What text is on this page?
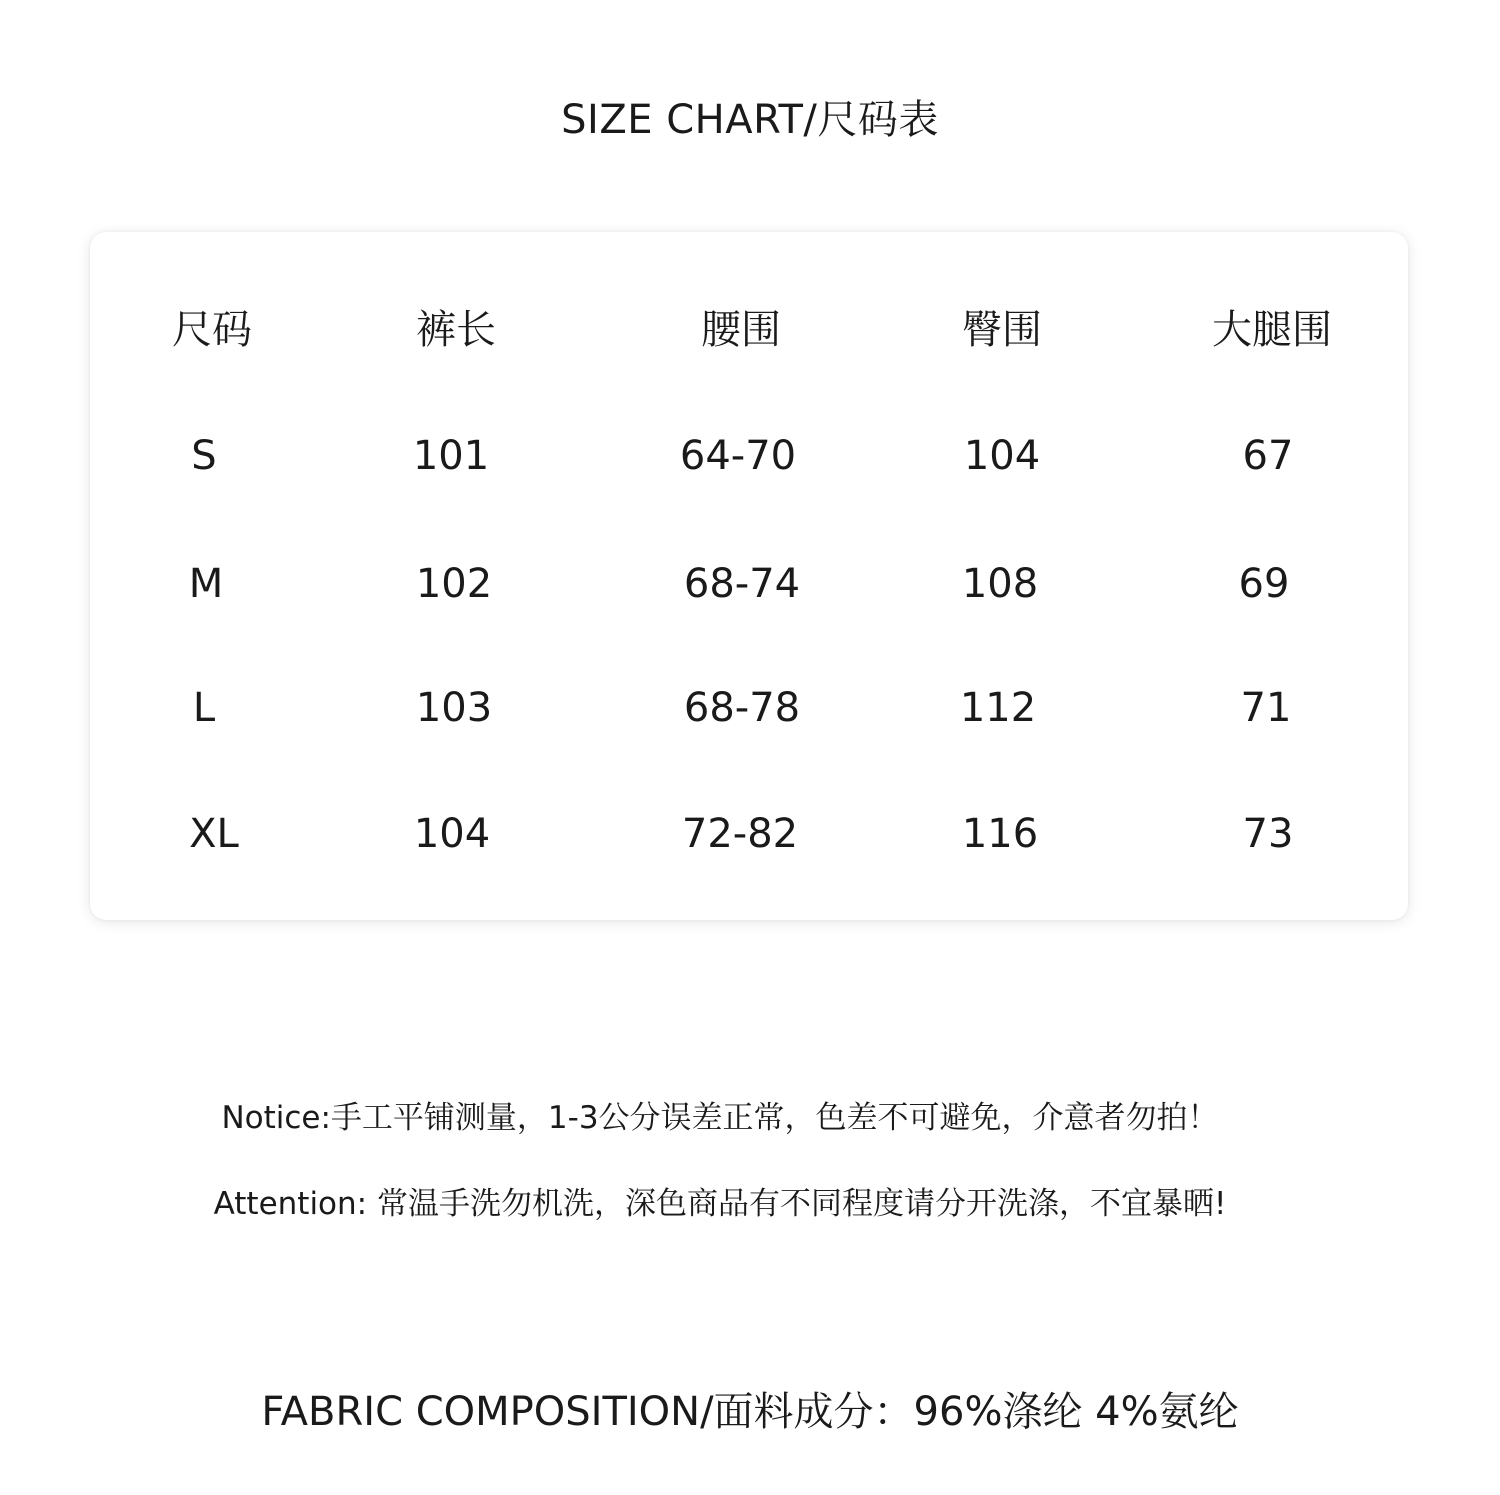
SIZE CHART/尺码表
尺码	裤长	腰围	臀围	大腿围
S	101	64-70	104	67
M	102	68-74	108	69
L	103	68-78	112	71
XL	104	72-82	116	73
Notice:手工平铺测量，1-3公分误差正常，色差不可避免，介意者勿拍！
Attention: 常温手洗勿机洗，深色商品有不同程度请分开洗涤，不宜暴晒!
FABRIC COMPOSITION/面料成分：96%涤纶 4%氨纶
